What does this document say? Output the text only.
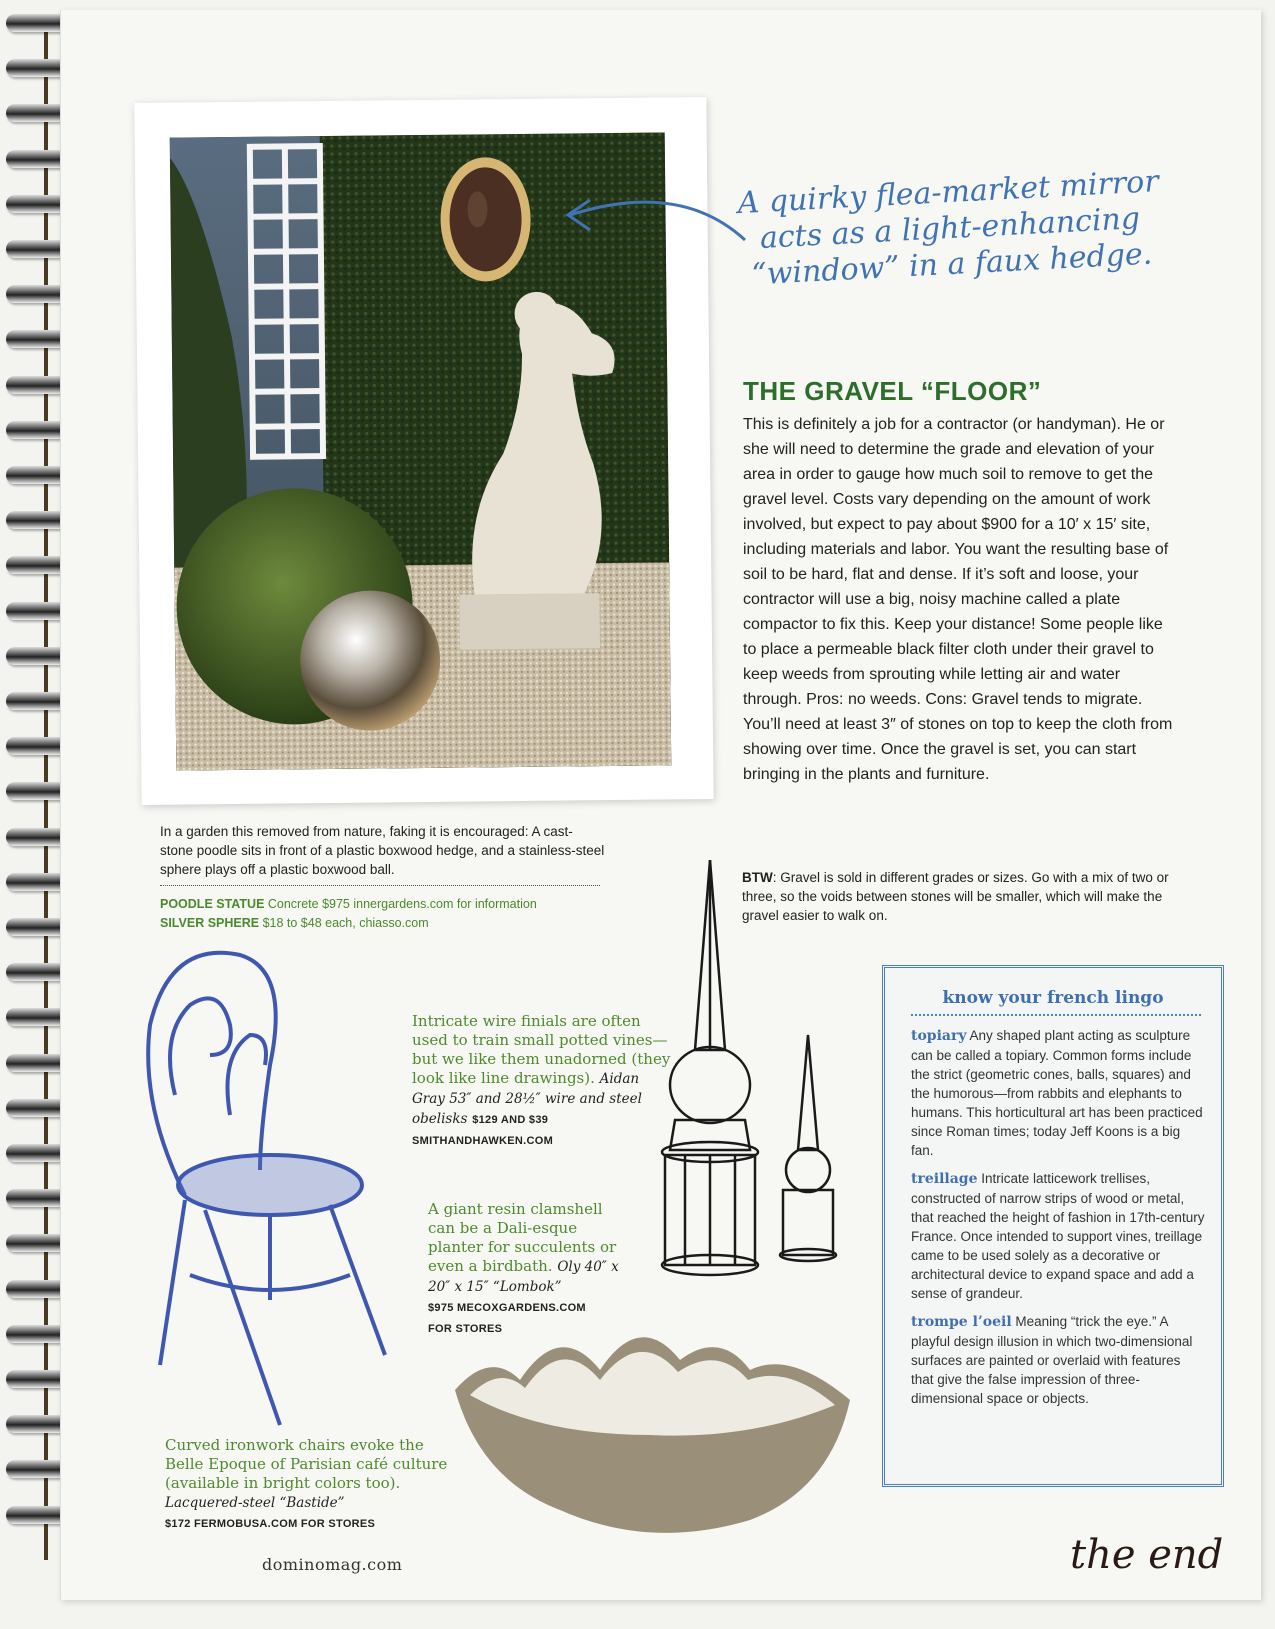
A quirky flea-market mirror acts as a light-enhancing “window” in a faux hedge.
THE GRAVEL “FLOOR”
This is definitely a job for a contractor (or handyman). He or she will need to determine the grade and elevation of your area in order to gauge how much soil to remove to get the gravel level. Costs vary depending on the amount of work involved, but expect to pay about $900 for a 10′ x 15′ site, including materials and labor. You want the resulting base of soil to be hard, flat and dense. If it’s soft and loose, your contractor will use a big, noisy machine called a plate compactor to fix this. Keep your distance! Some people like to place a permeable black filter cloth under their gravel to keep weeds from sprouting while letting air and water through. Pros: no weeds. Cons: Gravel tends to migrate. You’ll need at least 3″ of stones on top to keep the cloth from showing over time. Once the gravel is set, you can start bringing in the plants and furniture.
BTW: Gravel is sold in different grades or sizes. Go with a mix of two or three, so the voids between stones will be smaller, which will make the gravel easier to walk on.
In a garden this removed from nature, faking it is encouraged: A cast-stone poodle sits in front of a plastic boxwood hedge, and a stainless-steel sphere plays off a plastic boxwood ball.
POODLE STATUE Concrete $975 innergardens.com for information
SILVER SPHERE $18 to $48 each, chiasso.com
Intricate wire finials are often used to train small potted vines—but we like them unadorned (they look like line drawings). Aidan Gray 53″ and 28½″ wire and steel obelisks $129 AND $39
SMITHANDHAWKEN.COM
A giant resin clamshell can be a Dali-esque planter for succulents or even a birdbath. Oly 40″ x 20″ x 15″ “Lombok”
$975 MECOXGARDENS.COM
FOR STORES
Curved ironwork chairs evoke the Belle Epoque of Parisian café culture (available in bright colors too). Lacquered-steel “Bastide”
$172 FERMOBUSA.COM FOR STORES
know your french lingo
topiary Any shaped plant acting as sculpture can be called a topiary. Common forms include the strict (geometric cones, balls, squares) and the humorous—from rabbits and elephants to humans. This horticultural art has been practiced since Roman times; today Jeff Koons is a big fan.
treillage Intricate latticework trellises, constructed of narrow strips of wood or metal, that reached the height of fashion in 17th-century France. Once intended to support vines, treillage came to be used solely as a decorative or architectural device to expand space and add a sense of grandeur.
trompe l’oeil Meaning “trick the eye.” A playful design illusion in which two-dimensional surfaces are painted or overlaid with features that give the false impression of three-dimensional space or objects.
dominomag.com	the end
